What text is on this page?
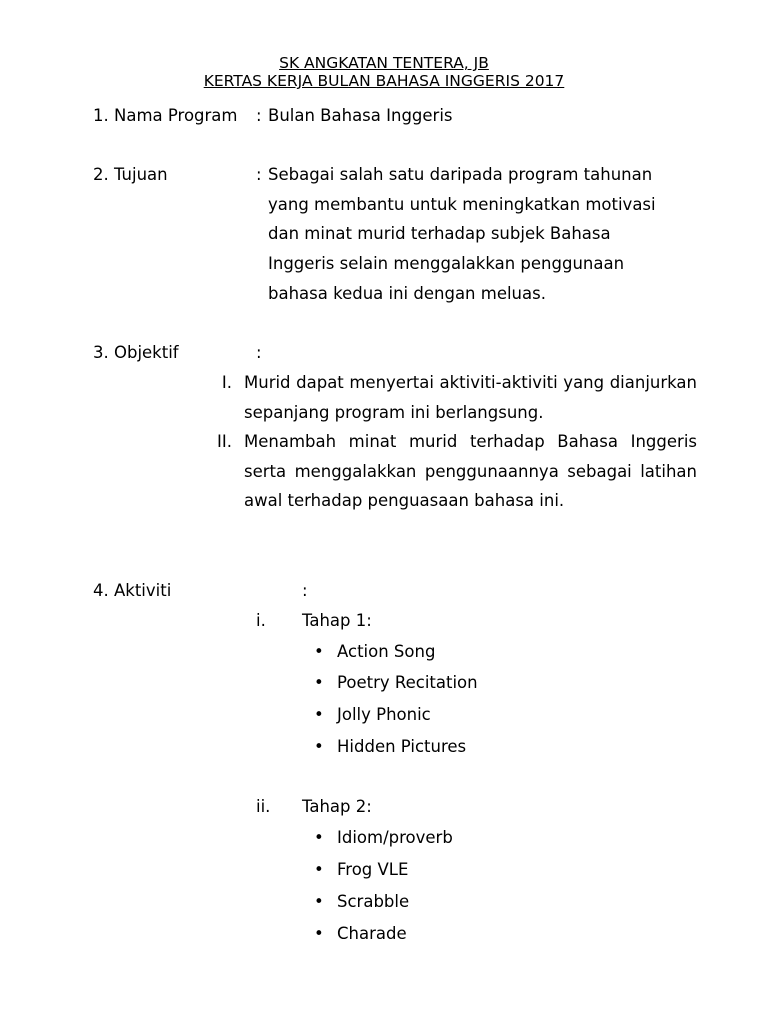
SK ANGKATAN TENTERA, JB
KERTAS KERJA BULAN BAHASA INGGERIS 2017
1. Nama Program : Bulan Bahasa Inggeris
2. Tujuan	: Sebagai salah satu daripada program tahunan
yang membantu untuk meningkatkan motivasi
dan minat murid terhadap subjek Bahasa
Inggeris selain menggalakkan penggunaan
bahasa kedua ini dengan meluas.
3. Objektif	:
I. Murid dapat menyertai aktiviti-aktiviti yang dianjurkan sepanjang program ini berlangsung.
II. Menambah minat murid terhadap Bahasa Inggeris serta menggalakkan penggunaannya sebagai latihan awal terhadap penguasaan bahasa ini.
4. Aktiviti	:
i. Tahap 1:
• Action Song
• Poetry Recitation
• Jolly Phonic
• Hidden Pictures
ii. Tahap 2:
• Idiom/proverb
• Frog VLE
• Scrabble
• Charade
